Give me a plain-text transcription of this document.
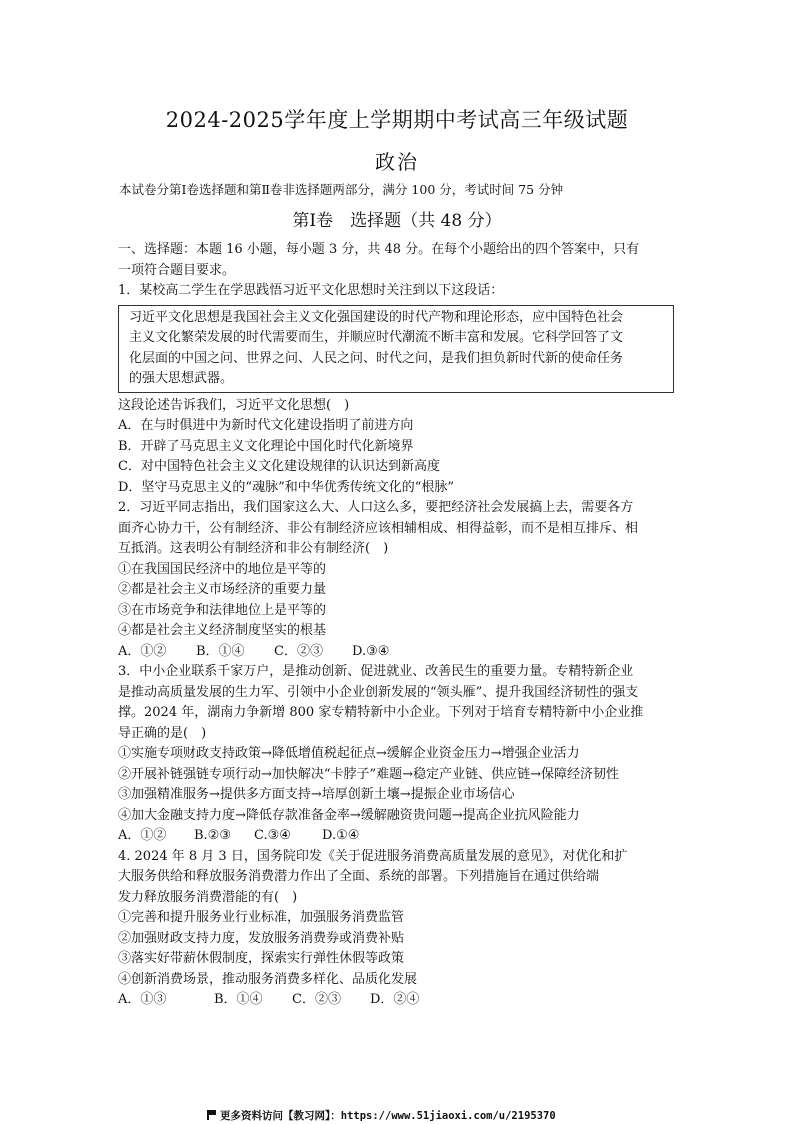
2024-2025学年度上学期期中考试高三年级试题
政治
本试卷分第Ⅰ卷选择题和第Ⅱ卷非选择题两部分，满分 100 分，考试时间 75 分钟
第Ⅰ卷　选择题（共 48 分）
一、选择题：本题 16 小题，每小题 3 分，共 48 分。在每个小题给出的四个答案中，只有
一项符合题目要求。
1．某校高二学生在学思践悟习近平文化思想时关注到以下这段话：
习近平文化思想是我国社会主义文化强国建设的时代产物和理论形态，应中国特色社会
主义文化繁荣发展的时代需要而生，并顺应时代潮流不断丰富和发展。它科学回答了文
化层面的中国之问、世界之问、人民之问、时代之问，是我们担负新时代新的使命任务
的强大思想武器。
这段论述告诉我们，习近平文化思想(　)
A．在与时俱进中为新时代文化建设指明了前进方向
B．开辟了马克思主义文化理论中国化时代化新境界
C．对中国特色社会主义文化建设规律的认识达到新高度
D．坚守马克思主义的“魂脉”和中华优秀传统文化的“根脉”
2．习近平同志指出，我们国家这么大、人口这么多，要把经济社会发展搞上去，需要各方
面齐心协力干，公有制经济、非公有制经济应该相辅相成、相得益彰，而不是相互排斥、相
互抵消。这表明公有制经济和非公有制经济(　)
①在我国国民经济中的地位是平等的
②都是社会主义市场经济的重要力量
③在市场竞争和法律地位上是平等的
④都是社会主义经济制度坚实的根基
A．①②	B．①④	C．②③	D.③④
3．中小企业联系千家万户，是推动创新、促进就业、改善民生的重要力量。专精特新企业
是推动高质量发展的生力军、引领中小企业创新发展的“领头雁”、提升我国经济韧性的强支
撑。2024 年，湖南力争新增 800 家专精特新中小企业。下列对于培育专精特新中小企业推
导正确的是(　)
①实施专项财政支持政策→降低增值税起征点→缓解企业资金压力→增强企业活力
②开展补链强链专项行动→加快解决“卡脖子”难题→稳定产业链、供应链→保障经济韧性
③加强精准服务→提供多方面支持→培厚创新土壤→提振企业市场信心
④加大金融支持力度→降低存款准备金率→缓解融资贵问题→提高企业抗风险能力
A．①②	B.②③	C.③④	D.①④
4. 2024 年 8 月 3 日，国务院印发《关于促进服务消费高质量发展的意见》，对优化和扩
大服务供给和释放服务消费潜力作出了全面、系统的部署。下列措施旨在通过供给端
发力释放服务消费潜能的有(　)
①完善和提升服务业行业标准，加强服务消费监管
②加强财政支持力度，发放服务消费券或消费补贴
③落实好带薪休假制度，探索实行弹性休假等政策
④创新消费场景，推动服务消费多样化、品质化发展
A．①③	B．①④	C．②③	D．②④
更多资料访问【教习网】：https://www.51jiaoxi.com/u/2195370
